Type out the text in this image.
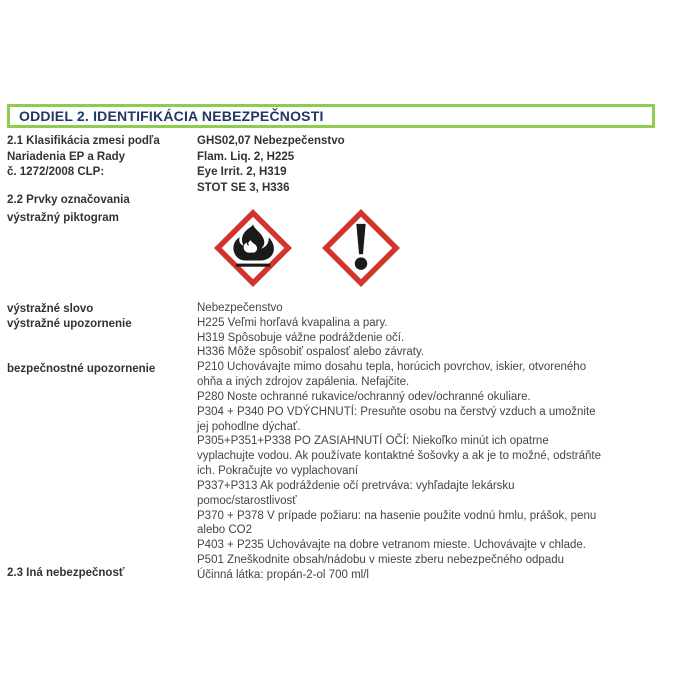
ODDIEL 2. IDENTIFIKÁCIA NEBEZPEČNOSTI
2.1 Klasifikácia zmesi podľa
Nariadenia EP a Rady
č. 1272/2008 CLP:
GHS02,07 Nebezpečenstvo
Flam. Liq. 2, H225
Eye Irrit. 2, H319
STOT SE 3, H336
2.2 Prvky označovania
výstražný piktogram
výstražné slovo
výstražné upozornenie
bezpečnostné upozornenie
2.3 Iná nebezpečnosť
Nebezpečenstvo
H225 Veľmi horľavá kvapalina a pary.
H319 Spôsobuje vážne podráždenie očí.
H336 Môže spôsobiť ospalosť alebo závraty.
P210 Uchovávajte mimo dosahu tepla, horúcich povrchov, iskier, otvoreného
ohňa a iných zdrojov zapálenia. Nefajčite.
P280 Noste ochranné rukavice/ochranný odev/ochranné okuliare.
P304 + P340 PO VDÝCHNUTÍ: Presuňte osobu na čerstvý vzduch a umožnite
jej pohodlne dýchať.
P305+P351+P338 PO ZASIAHNUTÍ OČÍ: Niekoľko minút ich opatrne
vyplachujte vodou. Ak používate kontaktné šošovky a ak je to možné, odstráňte
ich. Pokračujte vo vyplachovaní
P337+P313 Ak podráždenie očí pretrváva: vyhľadajte lekársku
pomoc/starostlivosť
P370 + P378 V prípade požiaru: na hasenie použite vodnú hmlu, prášok, penu
alebo CO2
P403 + P235 Uchovávajte na dobre vetranom mieste. Uchovávajte v chlade.
P501 Zneškodnite obsah/nádobu v mieste zberu nebezpečného odpadu
Účinná látka: propán-2-ol 700 ml/l
